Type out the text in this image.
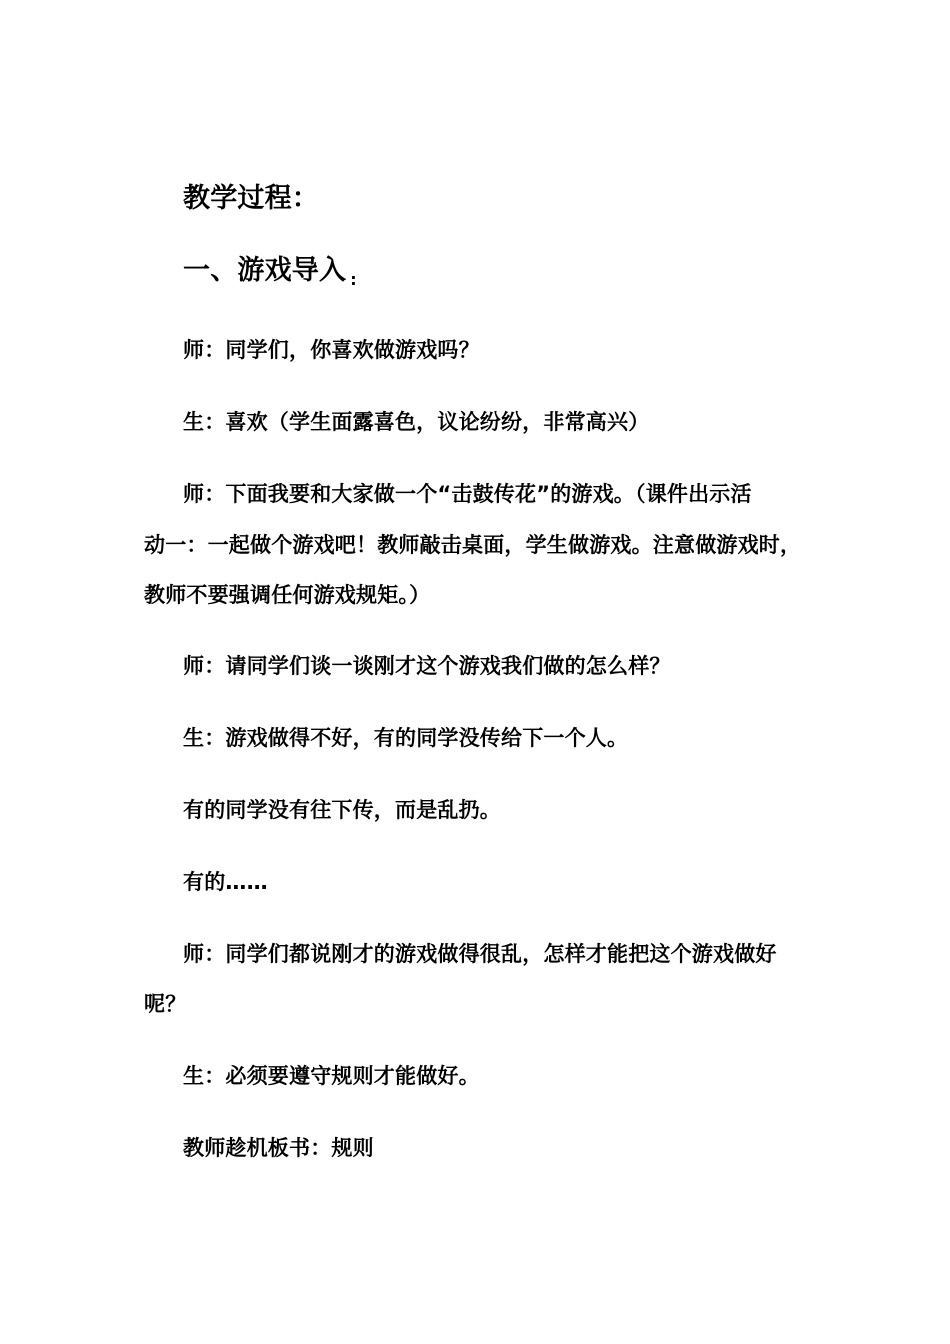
教学过程：
一、游戏导入 $_:$
师：同学们，你喜欢做游戏吗？
生：喜欢（学生面露喜色，议论纷纷，非常高兴）
师：下面我要和大家做一个“击鼓传花”的游戏。（课件出示活
动一：一起做个游戏吧！教师敲击桌面，学生做游戏。注意做游戏时，
教师不要强调任何游戏规矩。）
师：请同学们谈一谈刚才这个游戏我们做的怎么样？
生：游戏做得不好，有的同学没传给下一个人。
有的同学没有往下传，而是乱扔。
有的……
师：同学们都说刚才的游戏做得很乱，怎样才能把这个游戏做好
呢？
生：必须要遵守规则才能做好。
教师趁机板书：规则
